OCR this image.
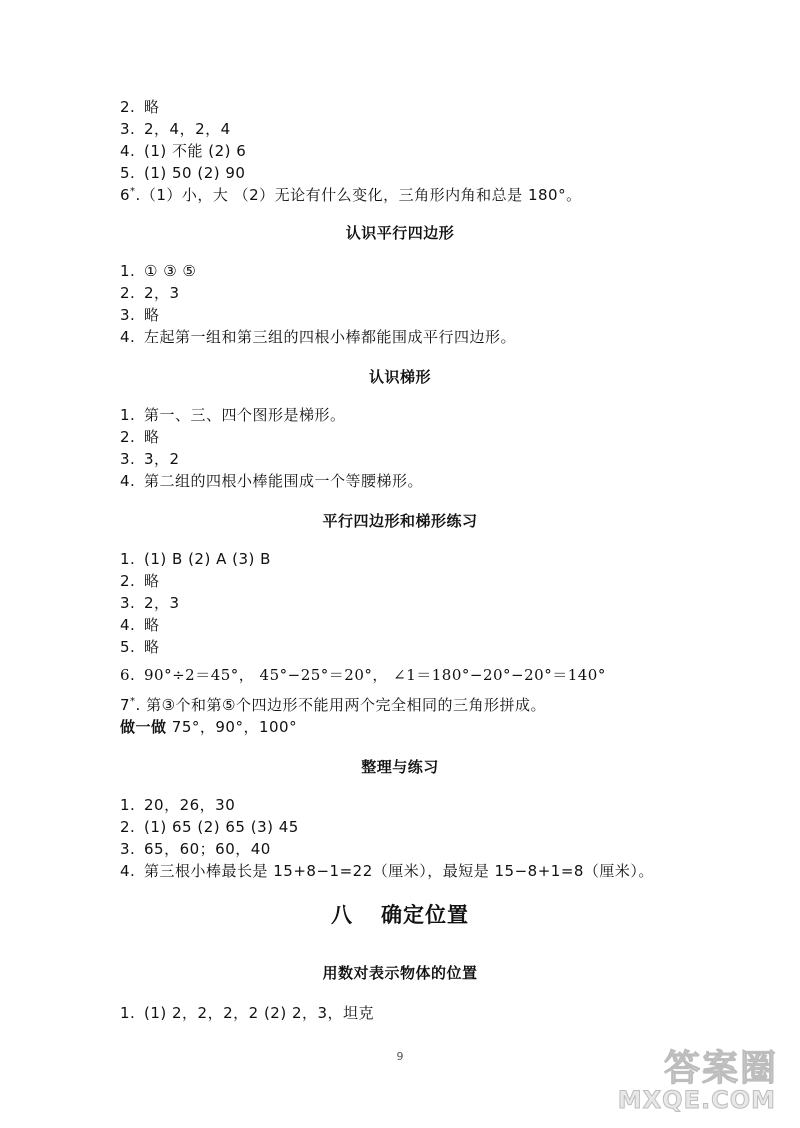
2. 略
3. 2，4，2，4
4. (1) 不能 (2) 6
5. (1) 50 (2) 90
6*.（1）小，大 （2）无论有什么变化，三角形内角和总是 180°。
认识平行四边形
1. ① ③ ⑤
2. 2，3
3. 略
4. 左起第一组和第三组的四根小棒都能围成平行四边形。
认识梯形
1. 第一、三、四个图形是梯形。
2. 略
3. 3，2
4. 第二组的四根小棒能围成一个等腰梯形。
平行四边形和梯形练习
1. (1) B (2) A (3) B
2. 略
3. 2，3
4. 略
5. 略
6. 90°÷2＝45°， 45°−25°＝20°， ∠1＝180°−20°−20°＝140°
7*. 第③个和第⑤个四边形不能用两个完全相同的三角形拼成。
做一做 75°，90°，100°
整理与练习
1. 20，26，30
2. (1) 65 (2) 65 (3) 45
3. 65，60；60，40
4. 第三根小棒最长是 15+8−1=22（厘米），最短是 15−8+1=8（厘米）。
八 确定位置
用数对表示物体的位置
1. (1) 2，2，2，2 (2) 2，3，坦克
9	答案圈
MXQE.COM
